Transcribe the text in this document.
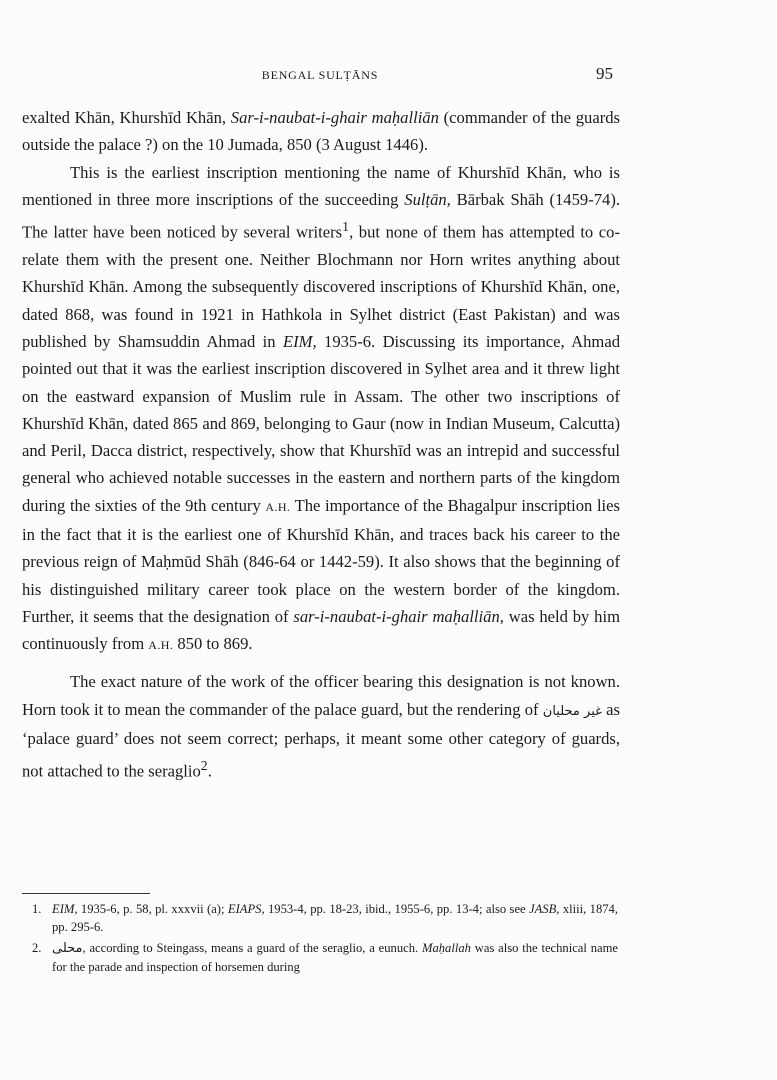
BENGAL SULṬĀNS	95

exalted Khān, Khurshīd Khān, Sar-i-naubat-i-ghair maḥalliān (commander of the guards outside the palace ?) on the 10 Jumada, 850 (3 August 1446).

This is the earliest inscription mentioning the name of Khurshīd Khān, who is mentioned in three more inscriptions of the succeeding Sulṭān, Bārbak Shāh (1459-74). The latter have been noticed by several writers$^1$, but none of them has attempted to co-relate them with the present one. Neither Blochmann nor Horn writes anything about Khurshīd Khān. Among the subsequently discovered inscriptions of Khurshīd Khān, one, dated 868, was found in 1921 in Hathkola in Sylhet district (East Pakistan) and was published by Shamsuddin Ahmad in EIM, 1935-6. Discussing its importance, Ahmad pointed out that it was the earliest inscription discovered in Sylhet area and it threw light on the eastward expansion of Muslim rule in Assam. The other two inscriptions of Khurshīd Khān, dated 865 and 869, belonging to Gaur (now in Indian Museum, Calcutta) and Peril, Dacca district, respectively, show that Khurshīd was an intrepid and successful general who achieved notable successes in the eastern and northern parts of the kingdom during the sixties of the 9th century A.H. The importance of the Bhagalpur inscription lies in the fact that it is the earliest one of Khurshīd Khān, and traces back his career to the previous reign of Maḥmūd Shāh (846-64 or 1442-59). It also shows that the beginning of his distinguished military career took place on the western border of the kingdom. Further, it seems that the designation of sar-i-naubat-i-ghair maḥalliān, was held by him continuously from A.H. 850 to 869.

The exact nature of the work of the officer bearing this designation is not known. Horn took it to mean the commander of the palace guard, but the rendering of غیر محلیان as ‘palace guard’ does not seem correct; perhaps, it meant some other category of guards, not attached to the seraglio$^2$.

1. EIM, 1935-6, p. 58, pl. xxxvii (a); EIAPS, 1953-4, pp. 18-23, ibid., 1955-6, pp. 13-4; also see JASB, xliii, 1874, pp. 295-6.
2. محلی, according to Steingass, means a guard of the seraglio, a eunuch. Maḥallah was also the technical name for the parade and inspection of horsemen during
